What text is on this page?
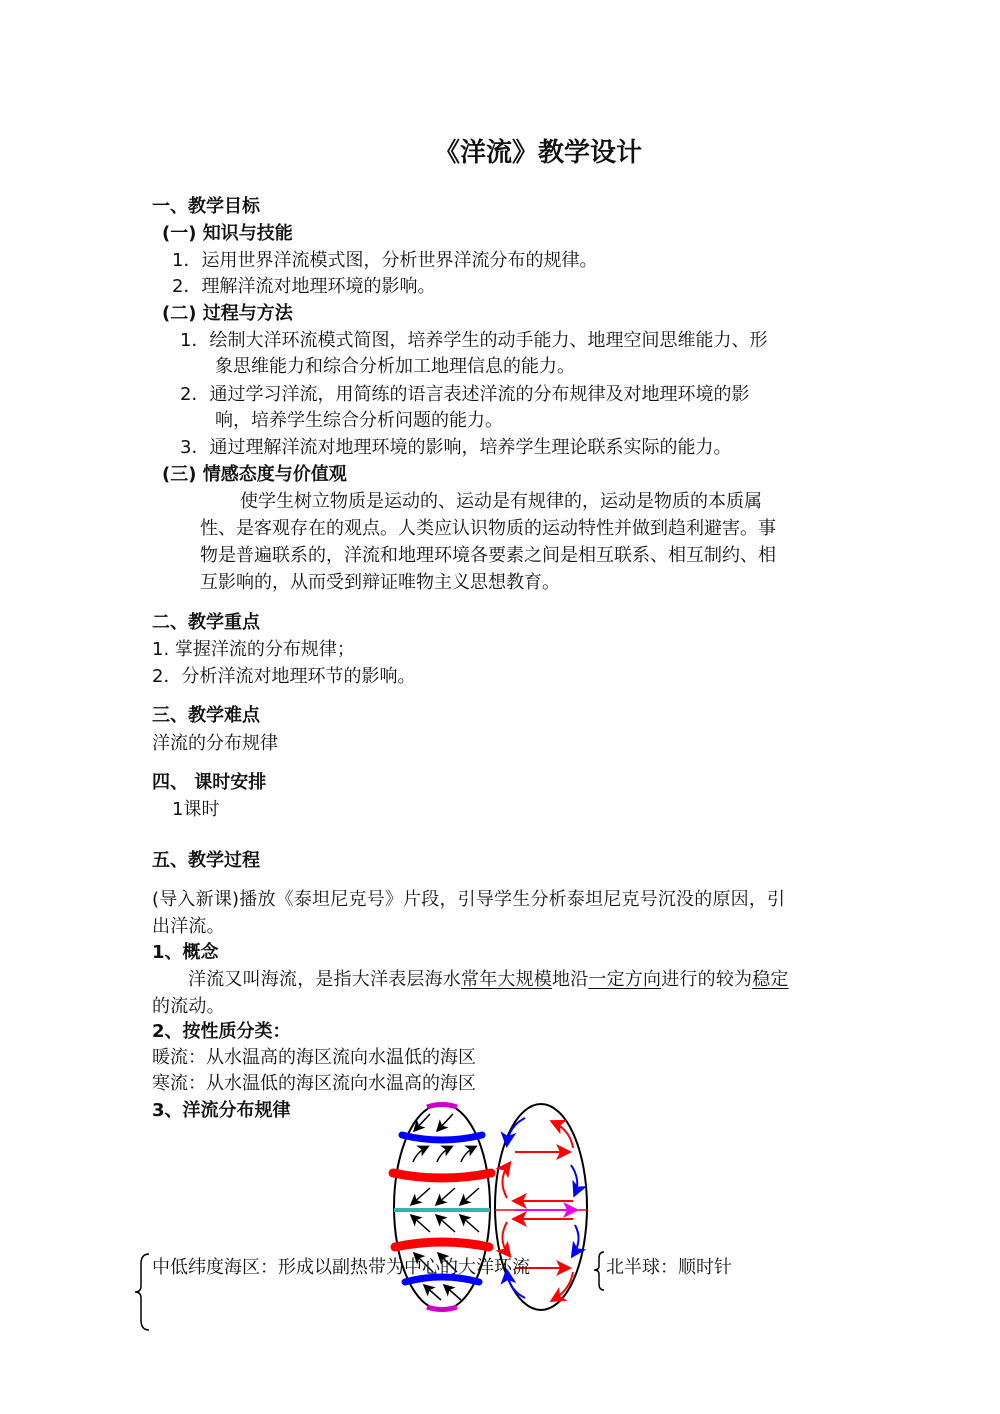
《洋流》教学设计
一、教学目标
(一) 知识与技能
1．运用世界洋流模式图，分析世界洋流分布的规律。
2．理解洋流对地理环境的影响。
(二) 过程与方法
1．绘制大洋环流模式简图，培养学生的动手能力、地理空间思维能力、形
象思维能力和综合分析加工地理信息的能力。
2．通过学习洋流，用简练的语言表述洋流的分布规律及对地理环境的影
响，培养学生综合分析问题的能力。
3．通过理解洋流对地理环境的影响，培养学生理论联系实际的能力。
(三) 情感态度与价值观
使学生树立物质是运动的、运动是有规律的，运动是物质的本质属
性、是客观存在的观点。人类应认识物质的运动特性并做到趋利避害。事
物是普遍联系的，洋流和地理环境各要素之间是相互联系、相互制约、相
互影响的，从而受到辩证唯物主义思想教育。
二、教学重点
1. 掌握洋流的分布规律；
2．分析洋流对地理环节的影响。
三、教学难点
洋流的分布规律
四、 课时安排
1课时
五、教学过程
(导入新课)播放《泰坦尼克号》片段，引导学生分析泰坦尼克号沉没的原因，引
出洋流。
1、概念
洋流又叫海流，是指大洋表层海水常年大规模地沿一定方向进行的较为稳定
的流动。
2、按性质分类：
暖流：从水温高的海区流向水温低的海区
寒流：从水温低的海区流向水温高的海区
3、洋流分布规律
中低纬度海区：形成以副热带为中心的大洋环流	北半球：顺时针
